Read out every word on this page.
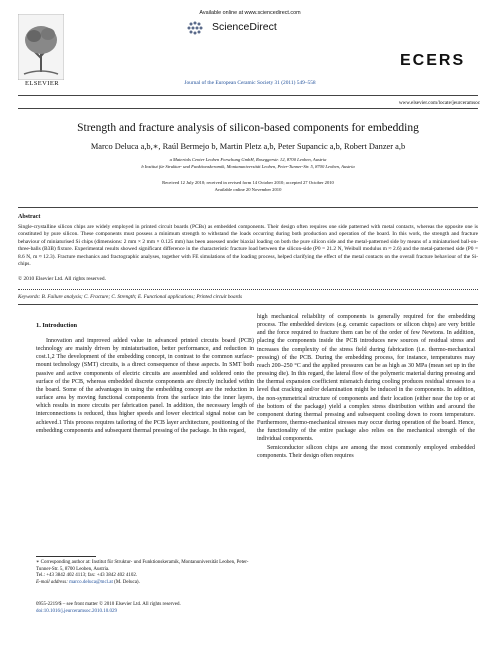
Available online at www.sciencedirect.com
ScienceDirect
ELSEVIER	Journal of the European Ceramic Society 31 (2011) 549–558
ECERS
www.elsevier.com/locate/jeurceramsoc
Strength and fracture analysis of silicon-based components for embedding
Marco Deluca a,b,∗, Raúl Bermejo b, Martin Pletz a,b, Peter Supancic a,b, Robert Danzer a,b
a Materials Center Leoben Forschung GmbH, Roseggerstr. 12, 8700 Leoben, Austria
b Institut für Struktur- und Funktionskeramik, Montanuniversität Leoben, Peter-Tunner-Str. 5, 8700 Leoben, Austria
Received 12 July 2010; received in revised form 14 October 2010; accepted 27 October 2010
Available online 20 November 2010
Abstract
Single-crystalline silicon chips are widely employed in printed circuit boards (PCBs) as embedded components. Their design often requires one side patterned with metal contacts, whereas the opposite one is constituted by pure silicon. These components must possess a minimum strength to withstand the loads occurring during both production and operation of the board. In this work, the strength and fracture behaviour of miniaturised Si chips (dimensions: 2 mm × 2 mm × 0.125 mm) has been assessed under biaxial loading on both the pure silicon side and the metal-patterned side by means of a miniaturised ball-on-three-balls (B3B) fixture. Experimental results showed significant difference in the characteristic fracture load between the silicon-side (P0 = 21.2 N, Weibull modulus m ≈ 2.6) and the metal-patterned side (P0 = 8.6 N, m ≈ 12.3). Fracture mechanics and fractographic analyses, together with FE simulations of the loading process, helped clarifying the effect of the metal contacts on the overall fracture behaviour of the Si-chips.
© 2010 Elsevier Ltd. All rights reserved.
Keywords: B. Failure analysis; C. Fracture; C. Strength; E. Functional applications; Printed circuit boards
1. Introduction

Innovation and improved added value in advanced printed circuits board (PCB) technology are mainly driven by miniaturisation, better performance, and reduction in cost.1,2 The development of the embedding concept, in contrast to the common surface-mount technology (SMT) circuits, is a direct consequence of these aspects. In SMT both passive and active components of electric circuits are assembled and soldered onto the surface of the PCB, whereas embedded discrete components are directly included within the board. Some of the advantages in using the embedding concept are the reduction in surface area by moving functional components from the surface into the inner layers, which results in more circuits per fabrication panel. In addition, the necessary length of interconnections is reduced, thus higher speeds and lower electrical signal noise can be achieved.1 This process requires tailoring of the PCB layer architecture, positioning of the embedding components and subsequent thermal pressing of the package. In this regard,

high mechanical reliability of components is generally required for the embedding process. The embedded devices (e.g. ceramic capacitors or silicon chips) are very brittle and the force required to fracture them can be of the order of few Newtons. In addition, placing the components inside the PCB introduces new sources of residual stress and increases the complexity of the stress field during fabrication (i.e. thermo-mechanical pressing) of the PCB. During the embedding process, for instance, temperatures may reach 200–250 °C and the applied pressures can be as high as 30 MPa (mean set up in the pressing die). In this regard, the lateral flow of the polymeric material during pressing and the thermal expansion coefficient mismatch during cooling produces residual stresses to a level that cracking and/or delamination might be induced in the components. In addition, the non-symmetrical structure of components and their location (either near the top or at the bottom of the package) yield a complex stress distribution within and around the component during thermal pressing and subsequent cooling down to room temperature. Furthermore, thermo-mechanical stresses may occur during operation of the board. Hence, the functionality of the entire package also relies on the mechanical strength of the individual components.

Semiconductor silicon chips are among the most commonly employed embedded components. Their design often requires

∗ Corresponding author at: Institut für Struktur- und Funktionskeramik, Montanuniversität Leoben, Peter-Tunner-Str. 5, 8700 Leoben, Austria.
Tel.: +43 3842 402 4113; fax: +43 3842 402 4102.
E-mail address: marco.deluca@mcl.at (M. Deluca).
0955-2219/$ – see front matter © 2010 Elsevier Ltd. All rights reserved.
doi:10.1016/j.jeurceramsoc.2010.10.029
